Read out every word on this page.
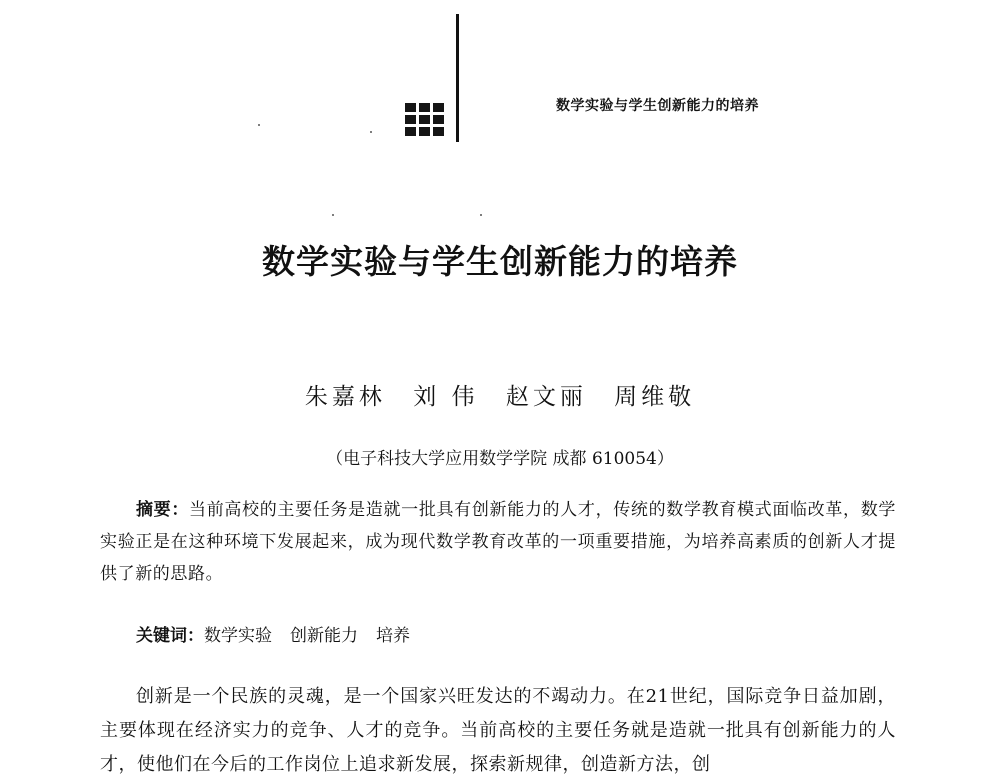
数学实验与学生创新能力的培养
数学实验与学生创新能力的培养
朱嘉林 刘 伟 赵文丽 周维敬
（电子科技大学应用数学学院 成都 610054）
摘要：当前高校的主要任务是造就一批具有创新能力的人才，传统的数学教育模式面临改革，数学实验正是在这种环境下发展起来，成为现代数学教育改革的一项重要措施，为培养高素质的创新人才提供了新的思路。
关键词：数学实验 创新能力 培养
创新是一个民族的灵魂，是一个国家兴旺发达的不竭动力。在21世纪，国际竞争日益加剧，主要体现在经济实力的竞争、人才的竞争。当前高校的主要任务就是造就一批具有创新能力的人才，使他们在今后的工作岗位上追求新发展，探索新规律，创造新方法，创
